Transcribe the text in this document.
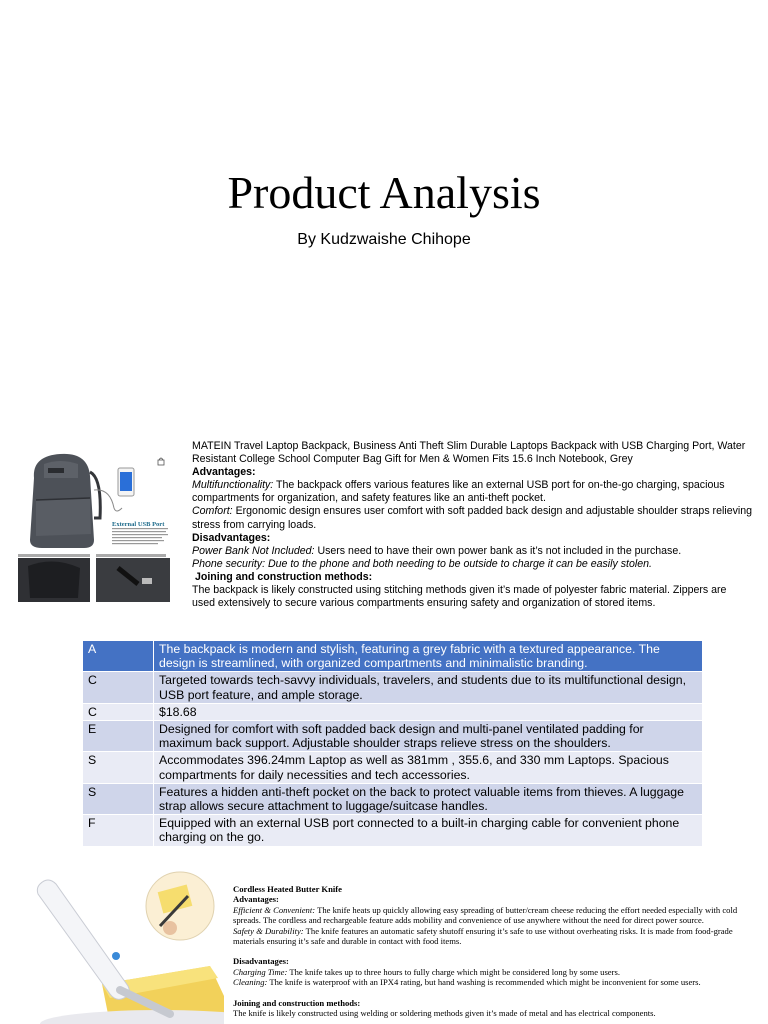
Product Analysis
By Kudzwaishe Chihope
External USB Port

MATEIN Travel Laptop Backpack, Business Anti Theft Slim Durable Laptops Backpack with USB Charging Port, Water Resistant College School Computer Bag Gift for Men & Women Fits 15.6 Inch Notebook, Grey

Advantages:

Multifunctionality: The backpack offers various features like an external USB port for on-the-go charging, spacious compartments for organization, and safety features like an anti-theft pocket.

Comfort: Ergonomic design ensures user comfort with soft padded back design and adjustable shoulder straps relieving stress from carrying loads.

Disadvantages:

Power Bank Not Included: Users need to have their own power bank as it’s not included in the purchase.

Phone security: Due to the phone and both needing to be outside to charge it can be easily stolen.

Joining and construction methods:

The backpack is likely constructed using stitching methods given it’s made of polyester fabric material. Zippers are used extensively to secure various compartments ensuring safety and organization of stored items.

A	The backpack is modern and stylish, featuring a grey fabric with a textured appearance. The design is streamlined, with organized compartments and minimalistic branding.
C	Targeted towards tech-savvy individuals, travelers, and students due to its multifunctional design, USB port feature, and ample storage.
C	$18.68
E	Designed for comfort with soft padded back design and multi-panel ventilated padding for maximum back support. Adjustable shoulder straps relieve stress on the shoulders.
S	Accommodates 396.24mm Laptop as well as 381mm , 355.6, and 330 mm Laptops. Spacious compartments for daily necessities and tech accessories.
S	Features a hidden anti-theft pocket on the back to protect valuable items from thieves. A luggage strap allows secure attachment to luggage/suitcase handles.
F	Equipped with an external USB port connected to a built-in charging cable for convenient phone charging on the go.

Cordless Heated Butter Knife

Advantages:

Efficient & Convenient: The knife heats up quickly allowing easy spreading of butter/cream cheese reducing the effort needed especially with cold spreads. The cordless and rechargeable feature adds mobility and convenience of use anywhere without the need for direct power source.

Safety & Durability: The knife features an automatic safety shutoff ensuring it’s safe to use without overheating risks. It is made from food-grade materials ensuring it’s safe and durable in contact with food items.

Disadvantages:

Charging Time: The knife takes up to three hours to fully charge which might be considered long by some users.

Cleaning: The knife is waterproof with an IPX4 rating, but hand washing is recommended which might be inconvenient for some users.

Joining and construction methods:

The knife is likely constructed using welding or soldering methods given it’s made of metal and has electrical components.
